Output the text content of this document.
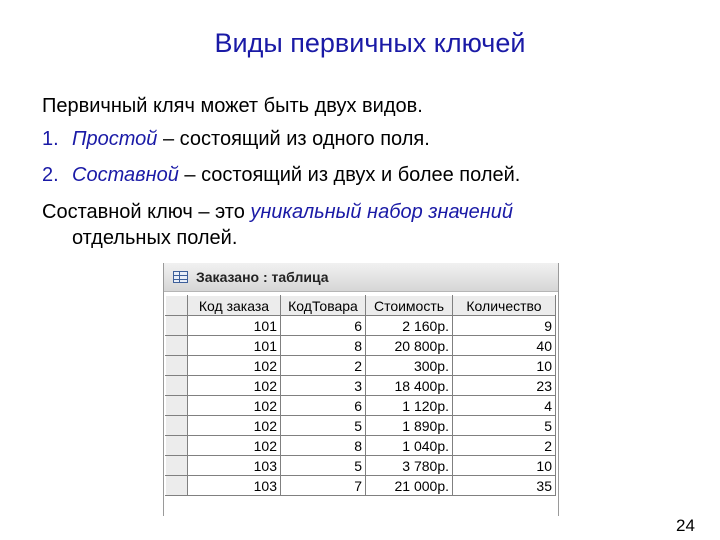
Виды первичных ключей
Первичный кляч может быть двух видов.
1. Простой – состоящий из одного поля.
2. Составной – состоящий из двух и более полей.
Составной ключ – это уникальный набор значений
отдельных полей.
Заказано : таблица
	Код заказа	КодТовара	Стоимость	Количество
	101	6	2 160р.	9
	101	8	20 800р.	40
	102	2	300р.	10
	102	3	18 400р.	23
	102	6	1 120р.	4
	102	5	1 890р.	5
	102	8	1 040р.	2
	103	5	3 780р.	10
	103	7	21 000р.	35
24
